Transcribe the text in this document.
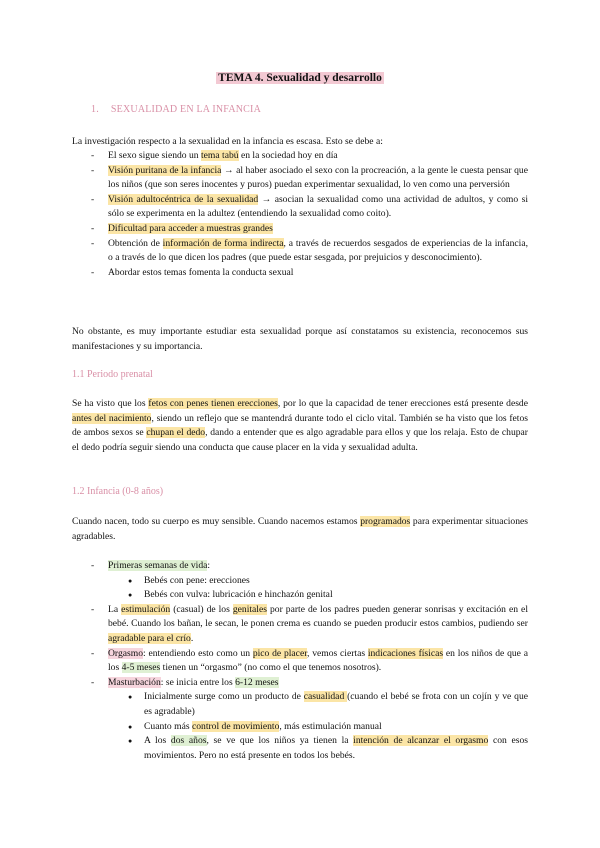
TEMA 4. Sexualidad y desarrollo
1. SEXUALIDAD EN LA INFANCIA
La investigación respecto a la sexualidad en la infancia es escasa. Esto se debe a:
- El sexo sigue siendo un tema tabú en la sociedad hoy en día
- Visión puritana de la infancia → al haber asociado el sexo con la procreación, a la gente le cuesta pensar que los niños (que son seres inocentes y puros) puedan experimentar sexualidad, lo ven como una perversión
- Visión adultocéntrica de la sexualidad → asocian la sexualidad como una actividad de adultos, y como si sólo se experimenta en la adultez (entendiendo la sexualidad como coito).
- Dificultad para acceder a muestras grandes
- Obtención de información de forma indirecta, a través de recuerdos sesgados de experiencias de la infancia, o a través de lo que dicen los padres (que puede estar sesgada, por prejuicios y desconocimiento).
- Abordar estos temas fomenta la conducta sexual
No obstante, es muy importante estudiar esta sexualidad porque así constatamos su existencia, reconocemos sus manifestaciones y su importancia.
1.1 Periodo prenatal
Se ha visto que los fetos con penes tienen erecciones, por lo que la capacidad de tener erecciones está presente desde antes del nacimiento, siendo un reflejo que se mantendrá durante todo el ciclo vital. También se ha visto que los fetos de ambos sexos se chupan el dedo, dando a entender que es algo agradable para ellos y que los relaja. Esto de chupar el dedo podría seguir siendo una conducta que cause placer en la vida y sexualidad adulta.
1.2 Infancia (0-8 años)
Cuando nacen, todo su cuerpo es muy sensible. Cuando nacemos estamos programados para experimentar situaciones agradables.
- Primeras semanas de vida:
● Bebés con pene: erecciones
● Bebés con vulva: lubricación e hinchazón genital
- La estimulación (casual) de los genitales por parte de los padres pueden generar sonrisas y excitación en el bebé. Cuando los bañan, le secan, le ponen crema es cuando se pueden producir estos cambios, pudiendo ser agradable para el crío.
- Orgasmo: entendiendo esto como un pico de placer, vemos ciertas indicaciones físicas en los niños de que a los 4-5 meses tienen un “orgasmo” (no como el que tenemos nosotros).
- Masturbación: se inicia entre los 6-12 meses
● Inicialmente surge como un producto de casualidad (cuando el bebé se frota con un cojín y ve que es agradable)
● Cuanto más control de movimiento, más estimulación manual
● A los dos años, se ve que los niños ya tienen la intención de alcanzar el orgasmo con esos movimientos. Pero no está presente en todos los bebés.
